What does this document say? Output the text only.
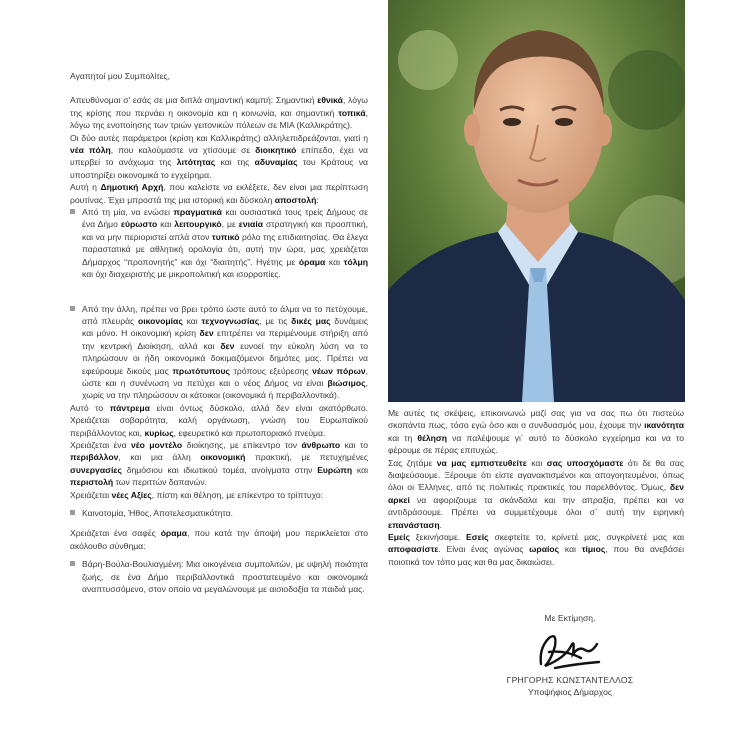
Αγαπητοί μου Συμπολίτες,

Απευθύνομαι σ' εσάς σε μια διπλά σημαντική καμπή: Σημαντική εθνικά, λόγω της κρίσης που περνάει η οικονομία και η κοινωνία, και σημαντική τοπικά, λόγω της ενοποίησης των τριών γειτονικών πόλεων σε ΜΙΑ (Καλλικράτης).

Οι δύο αυτές παράμετροι (κρίση και Καλλικράτης) αλληλεπιδρεάζονται, γιατί η νέα πόλη, που καλούμαστε να χτίσουμε σε διοικητικό επίπεδο, έχει να υπερβεί το ανάχωμα της λιτότητας και της αδυναμίας του Κράτους να υποστηρίξει οικονομικά το εγχείρημα.

Αυτή η Δημοτική Αρχή, που καλείστε να εκλέξετε, δεν είναι μια περίπτωση ρουτίνας. Έχει μπροστά της μια ιστορική και δύσκολη αποστολή:

Από τη μία, να ενώσει πραγματικά και ουσιαστικά τους τρείς Δήμους σε ένα Δήμο εύρωστο και λειτουργικό, με ενιαία στρατηγική και προοπτική, και να μην περιοριστεί απλά στον τυπικό ρόλο της επιδιαιτησίας. Θα έλεγα παραστατικά με αθλητική ορολογία ότι, αυτή την ώρα, μας χρειάζεται Δήμαρχος “προπονητής” και όχι “διαιτητής”. Ηγέτης με όραμα και τόλμη και όχι διαχειριστής με μικροπολιτική και ισορροπίες.

Από την άλλη, πρέπει να βρει τρόπο ώστε αυτό το άλμα να το πετύχουμε, από πλευράς οικονομίας και τεχνογνωσίας, με τις δικές μας δυνάμεις και μόνο. Η οικονομική κρίση δεν επιτρέπει να περιμένουμε στήριξη από την κεντρική Διοίκηση, αλλά και δεν ευνοεί την εύκολη λύση να το πληρώσουν οι ήδη οικονομικά δοκιμαζόμενοι δημότες μας. Πρέπει να εφεύρουμε δικούς μας πρωτότυπους τρόπους εξεύρεσης νέων πόρων, ώστε και η συνένωση να πετύχει και ο νέος Δήμος να είναι βιώσιμος, χωρίς να την πληρώσουν οι κάτοικοι (οικονομικά ή περιβαλλοντικά).

Αυτό το πάντρεμα είναι όντως δύσκολο, αλλά δεν είναι ακατόρθωτο. Χρειάζεται σοβαρότητα, καλή οργάνωση, γνώση του Ευρωπαϊκού περιβάλλοντος και, κυρίως, εφευρετικό και πρωτοποριακό πνεύμα.

Χρειάζεται ένα νέο μοντέλο διοίκησης, με επίκεντρο τον άνθρωπο και το περιβάλλον, και μια άλλη οικονομική πρακτική, με πετυχημένες συνεργασίες δημόσιου και ιδιωτικού τομέα, ανοίγματα στην Ευρώπη και περιστολή των περιττών δαπανών.

Χρειάζεται νέες Αξίες, πίστη και θέληση, με επίκεντρο το τρίπτυχο:

Καινοτομία, Ήθος, Αποτελεσματικότητα.

Χρειάζεται ένα σαφές όραμα, που κατά την άποψή μου περικλείεται στο ακόλουθο σύνθημα:

Βάρη-Βούλα-Βουλιαγμένη: Μια οικογένεια συμπολιτών, με υψηλή ποιότητα ζωής, σε ένα Δήμο περιβαλλοντικά προστατευμένο και οικονομικά αναπτυσσόμενο, στον οποίο να μεγαλώνουμε με αισιοδοξία τα παιδιά μας.

Με αυτές τις σκέψεις, επικοινωνώ μαζί σας για να σας πω ότι πιστεύω σκοπάντα πως, τόσο εγώ όσο και ο συνδυασμός μου, έχουμε την ικανότητα και τη θέληση να παλέψουμε γι´ αυτό το δύσκολο εγχείρημα και να το φέρουμε σε πέρας επιτυχώς.

Σας ζητάμε να μας εμπιστευθείτε και σας υποσχόμαστε ότι δε θα σας διαψεύσουμε. Ξέρουμε ότι είστε αγανακτισμένοι και απογοητευμένοι, όπως όλοι οι Έλληνες, από τις πολιτικές πρακτικές του παρελθόντος. Όμως, δεν αρκεί να αφοριζουμε τα σκάνδαλα και την απραξία, πρέπει και να αντιδράσουμε. Πρέπει να συμμετέχουμε όλοι σ´ αυτή την ειρηνική επανάσταση.

Εμείς ξεκινήσαμε. Εσείς σκεφτείτε το, κρίνετέ μας, συγκρίνετέ μας και αποφασίστε. Είναι ένας αγώνας ωραίος και τίμιος, που θα ανεβάσει ποιοτικά τον τόπο μας και θα μας δικαιώσει.

Με Εκτίμηση,
ΓΡΗΓΟΡΗΣ ΚΩΝΣΤΑΝΤΕΛΛΟΣ
Υποψήφιος Δήμαρχος
